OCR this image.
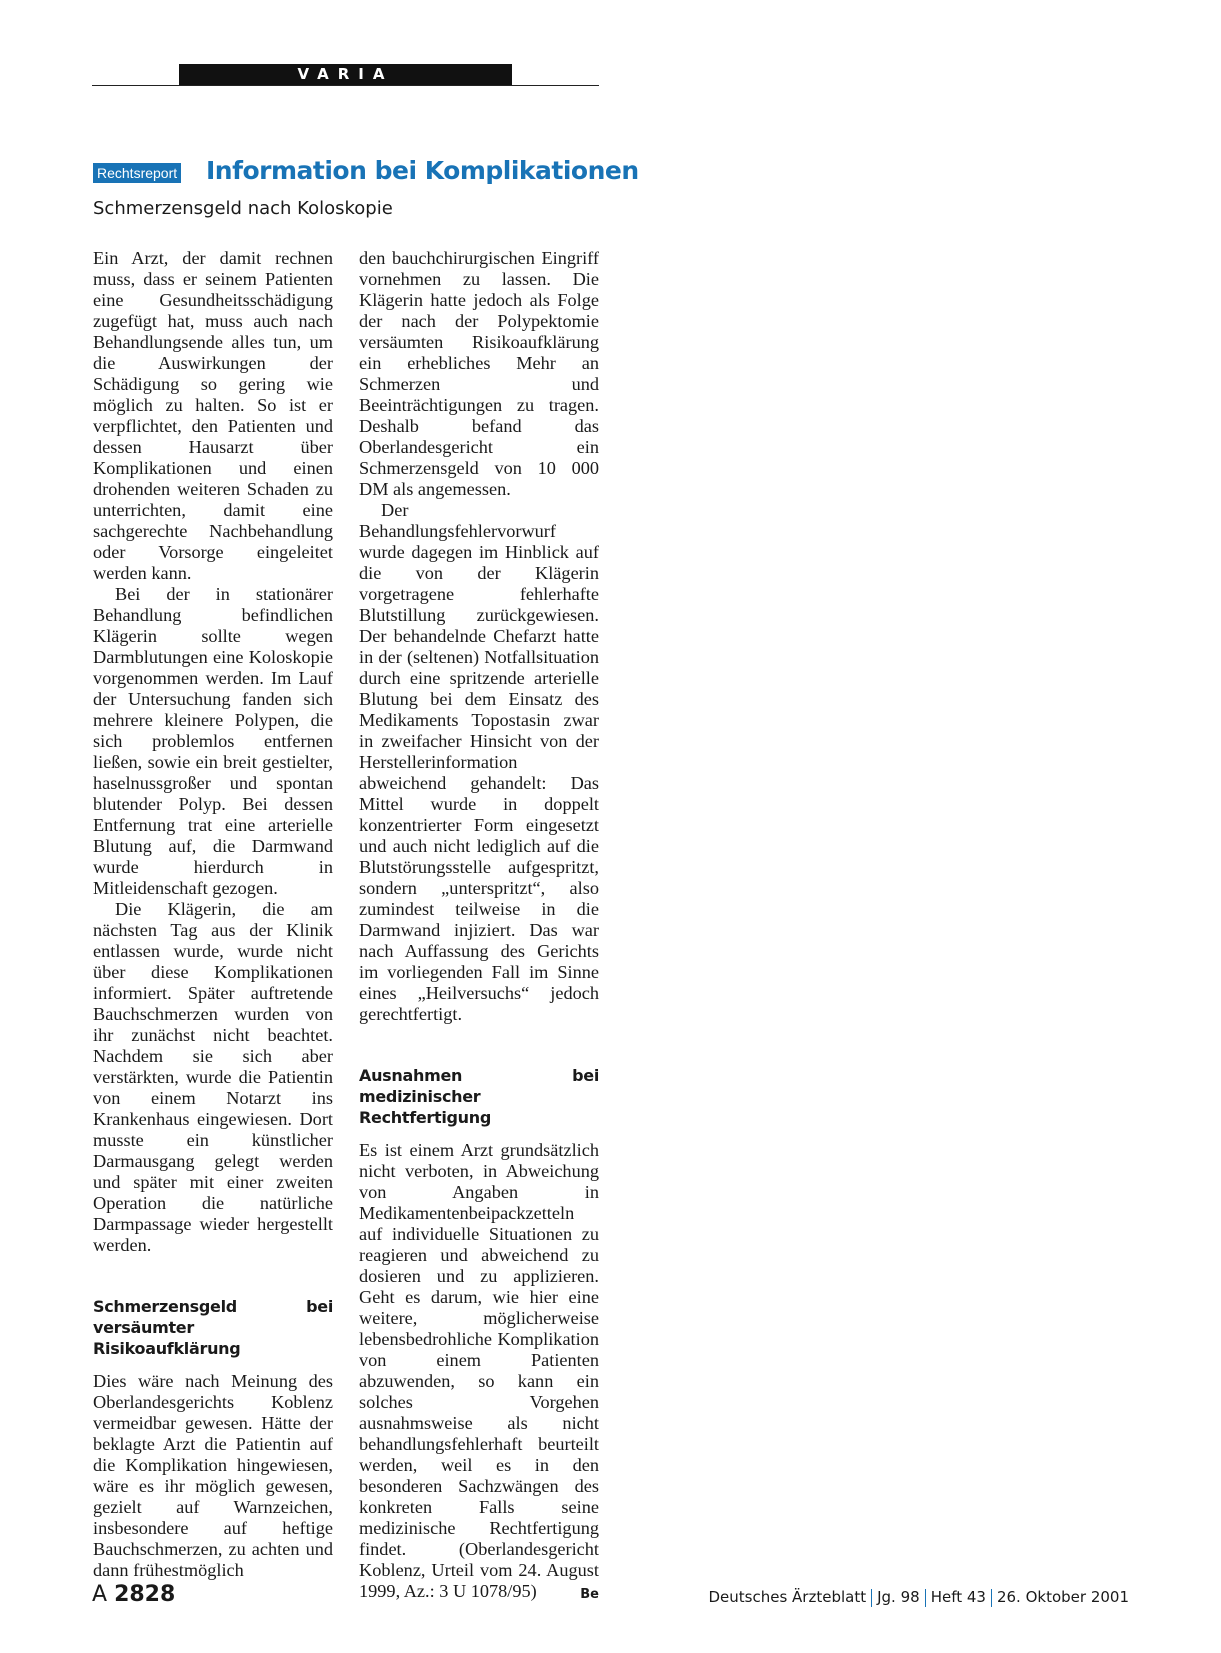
VARIA
Rechtsreport Information bei Komplikationen
Schmerzensgeld nach Koloskopie

Ein Arzt, der damit rechnen muss, dass er seinem Patienten eine Gesundheitsschädigung zugefügt hat, muss auch nach Behandlungsende alles tun, um die Auswirkungen der Schädigung so gering wie möglich zu halten. So ist er verpflichtet, den Patienten und dessen Hausarzt über Komplikationen und einen drohenden weiteren Schaden zu unterrichten, damit eine sachgerechte Nachbehandlung oder Vorsorge eingeleitet werden kann.

Bei der in stationärer Behandlung befindlichen Klägerin sollte wegen Darmblutungen eine Koloskopie vorgenommen werden. Im Lauf der Untersuchung fanden sich mehrere kleinere Polypen, die sich problemlos entfernen ließen, sowie ein breit gestielter, haselnussgroßer und spontan blutender Polyp. Bei dessen Entfernung trat eine arterielle Blutung auf, die Darmwand wurde hierdurch in Mitleidenschaft gezogen.

Die Klägerin, die am nächsten Tag aus der Klinik entlassen wurde, wurde nicht über diese Komplikationen informiert. Später auftretende Bauchschmerzen wurden von ihr zunächst nicht beachtet. Nachdem sie sich aber verstärkten, wurde die Patientin von einem Notarzt ins Krankenhaus eingewiesen. Dort musste ein künstlicher Darmausgang gelegt werden und später mit einer zweiten Operation die natürliche Darmpassage wieder hergestellt werden.

Schmerzensgeld bei versäumter Risikoaufklärung

Dies wäre nach Meinung des Oberlandesgerichts Koblenz vermeidbar gewesen. Hätte der beklagte Arzt die Patientin auf die Komplikation hingewiesen, wäre es ihr möglich gewesen, gezielt auf Warnzeichen, insbesondere auf heftige Bauchschmerzen, zu achten und dann frühestmöglich

den bauchchirurgischen Eingriff vornehmen zu lassen. Die Klägerin hatte jedoch als Folge der nach der Polypektomie versäumten Risikoaufklärung ein erhebliches Mehr an Schmerzen und Beeinträchtigungen zu tragen. Deshalb befand das Oberlandesgericht ein Schmerzensgeld von 10 000 DM als angemessen.

Der Behandlungsfehlervorwurf wurde dagegen im Hinblick auf die von der Klägerin vorgetragene fehlerhafte Blutstillung zurückgewiesen. Der behandelnde Chefarzt hatte in der (seltenen) Notfallsituation durch eine spritzende arterielle Blutung bei dem Einsatz des Medikaments Topostasin zwar in zweifacher Hinsicht von der Herstellerinformation abweichend gehandelt: Das Mittel wurde in doppelt konzentrierter Form eingesetzt und auch nicht lediglich auf die Blutstörungsstelle aufgespritzt, sondern „unterspritzt“, also zumindest teilweise in die Darmwand injiziert. Das war nach Auffassung des Gerichts im vorliegenden Fall im Sinne eines „Heilversuchs“ jedoch gerechtfertigt.

Ausnahmen bei medizinischer Rechtfertigung

Es ist einem Arzt grundsätzlich nicht verboten, in Abweichung von Angaben in Medikamentenbeipackzetteln auf individuelle Situationen zu reagieren und abweichend zu dosieren und zu applizieren. Geht es darum, wie hier eine weitere, möglicherweise lebensbedrohliche Komplikation von einem Patienten abzuwenden, so kann ein solches Vorgehen ausnahmsweise als nicht behandlungsfehlerhaft beurteilt werden, weil es in den besonderen Sachzwängen des konkreten Falls seine medizinische Rechtfertigung findet. (Oberlandesgericht Koblenz, Urteil vom 24. August 1999, Az.: 3 U 1078/95)	Be

A 2828	Deutsches Ärzteblatt Jg. 98 Heft 43 26. Oktober 2001
